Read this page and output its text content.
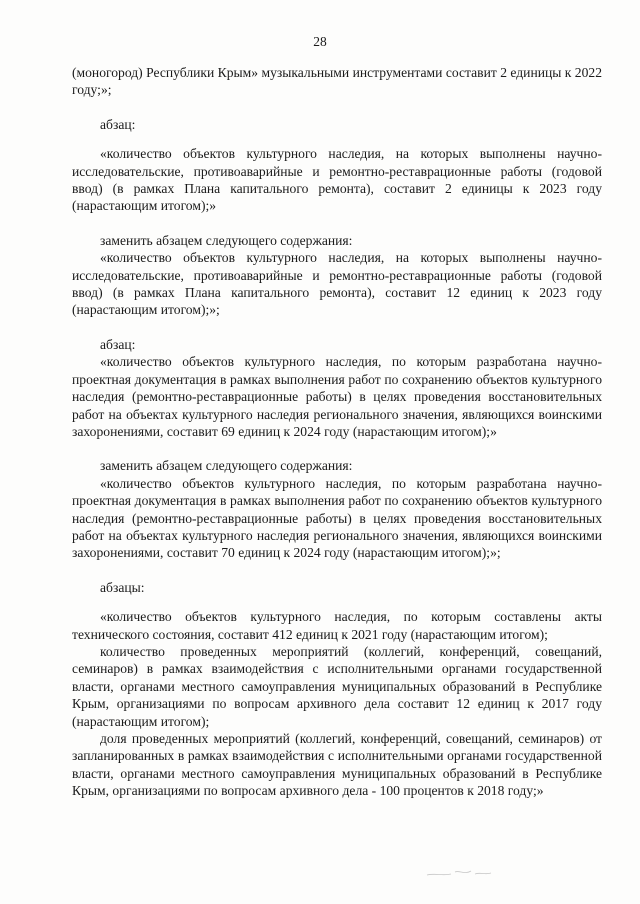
28

(моногород) Республики Крым» музыкальными инструментами составит 2 единицы к 2022 году;»;

абзац:

«количество объектов культурного наследия, на которых выполнены научно-исследовательские, противоаварийные и ремонтно-реставрационные работы (годовой ввод) (в рамках Плана капитального ремонта), составит 2 единицы к 2023 году (нарастающим итогом);»

заменить абзацем следующего содержания:

«количество объектов культурного наследия, на которых выполнены научно-исследовательские, противоаварийные и ремонтно-реставрационные работы (годовой ввод) (в рамках Плана капитального ремонта), составит 12 единиц к 2023 году (нарастающим итогом);»;

абзац:

«количество объектов культурного наследия, по которым разработана научно-проектная документация в рамках выполнения работ по сохранению объектов культурного наследия (ремонтно-реставрационные работы) в целях проведения восстановительных работ на объектах культурного наследия регионального значения, являющихся воинскими захоронениями, составит 69 единиц к 2024 году (нарастающим итогом);»

заменить абзацем следующего содержания:

«количество объектов культурного наследия, по которым разработана научно-проектная документация в рамках выполнения работ по сохранению объектов культурного наследия (ремонтно-реставрационные работы) в целях проведения восстановительных работ на объектах культурного наследия регионального значения, являющихся воинскими захоронениями, составит 70 единиц к 2024 году (нарастающим итогом);»;

абзацы:

«количество объектов культурного наследия, по которым составлены акты технического состояния, составит 412 единиц к 2021 году (нарастающим итогом);

количество проведенных мероприятий (коллегий, конференций, совещаний, семинаров) в рамках взаимодействия с исполнительными органами государственной власти, органами местного самоуправления муниципальных образований в Республике Крым, организациями по вопросам архивного дела составит 12 единиц к 2017 году (нарастающим итогом);

доля проведенных мероприятий (коллегий, конференций, совещаний, семинаров) от запланированных в рамках взаимодействия с исполнительными органами государственной власти, органами местного самоуправления муниципальных образований в Республике Крым, организациями по вопросам архивного дела - 100 процентов к 2018 году;»
